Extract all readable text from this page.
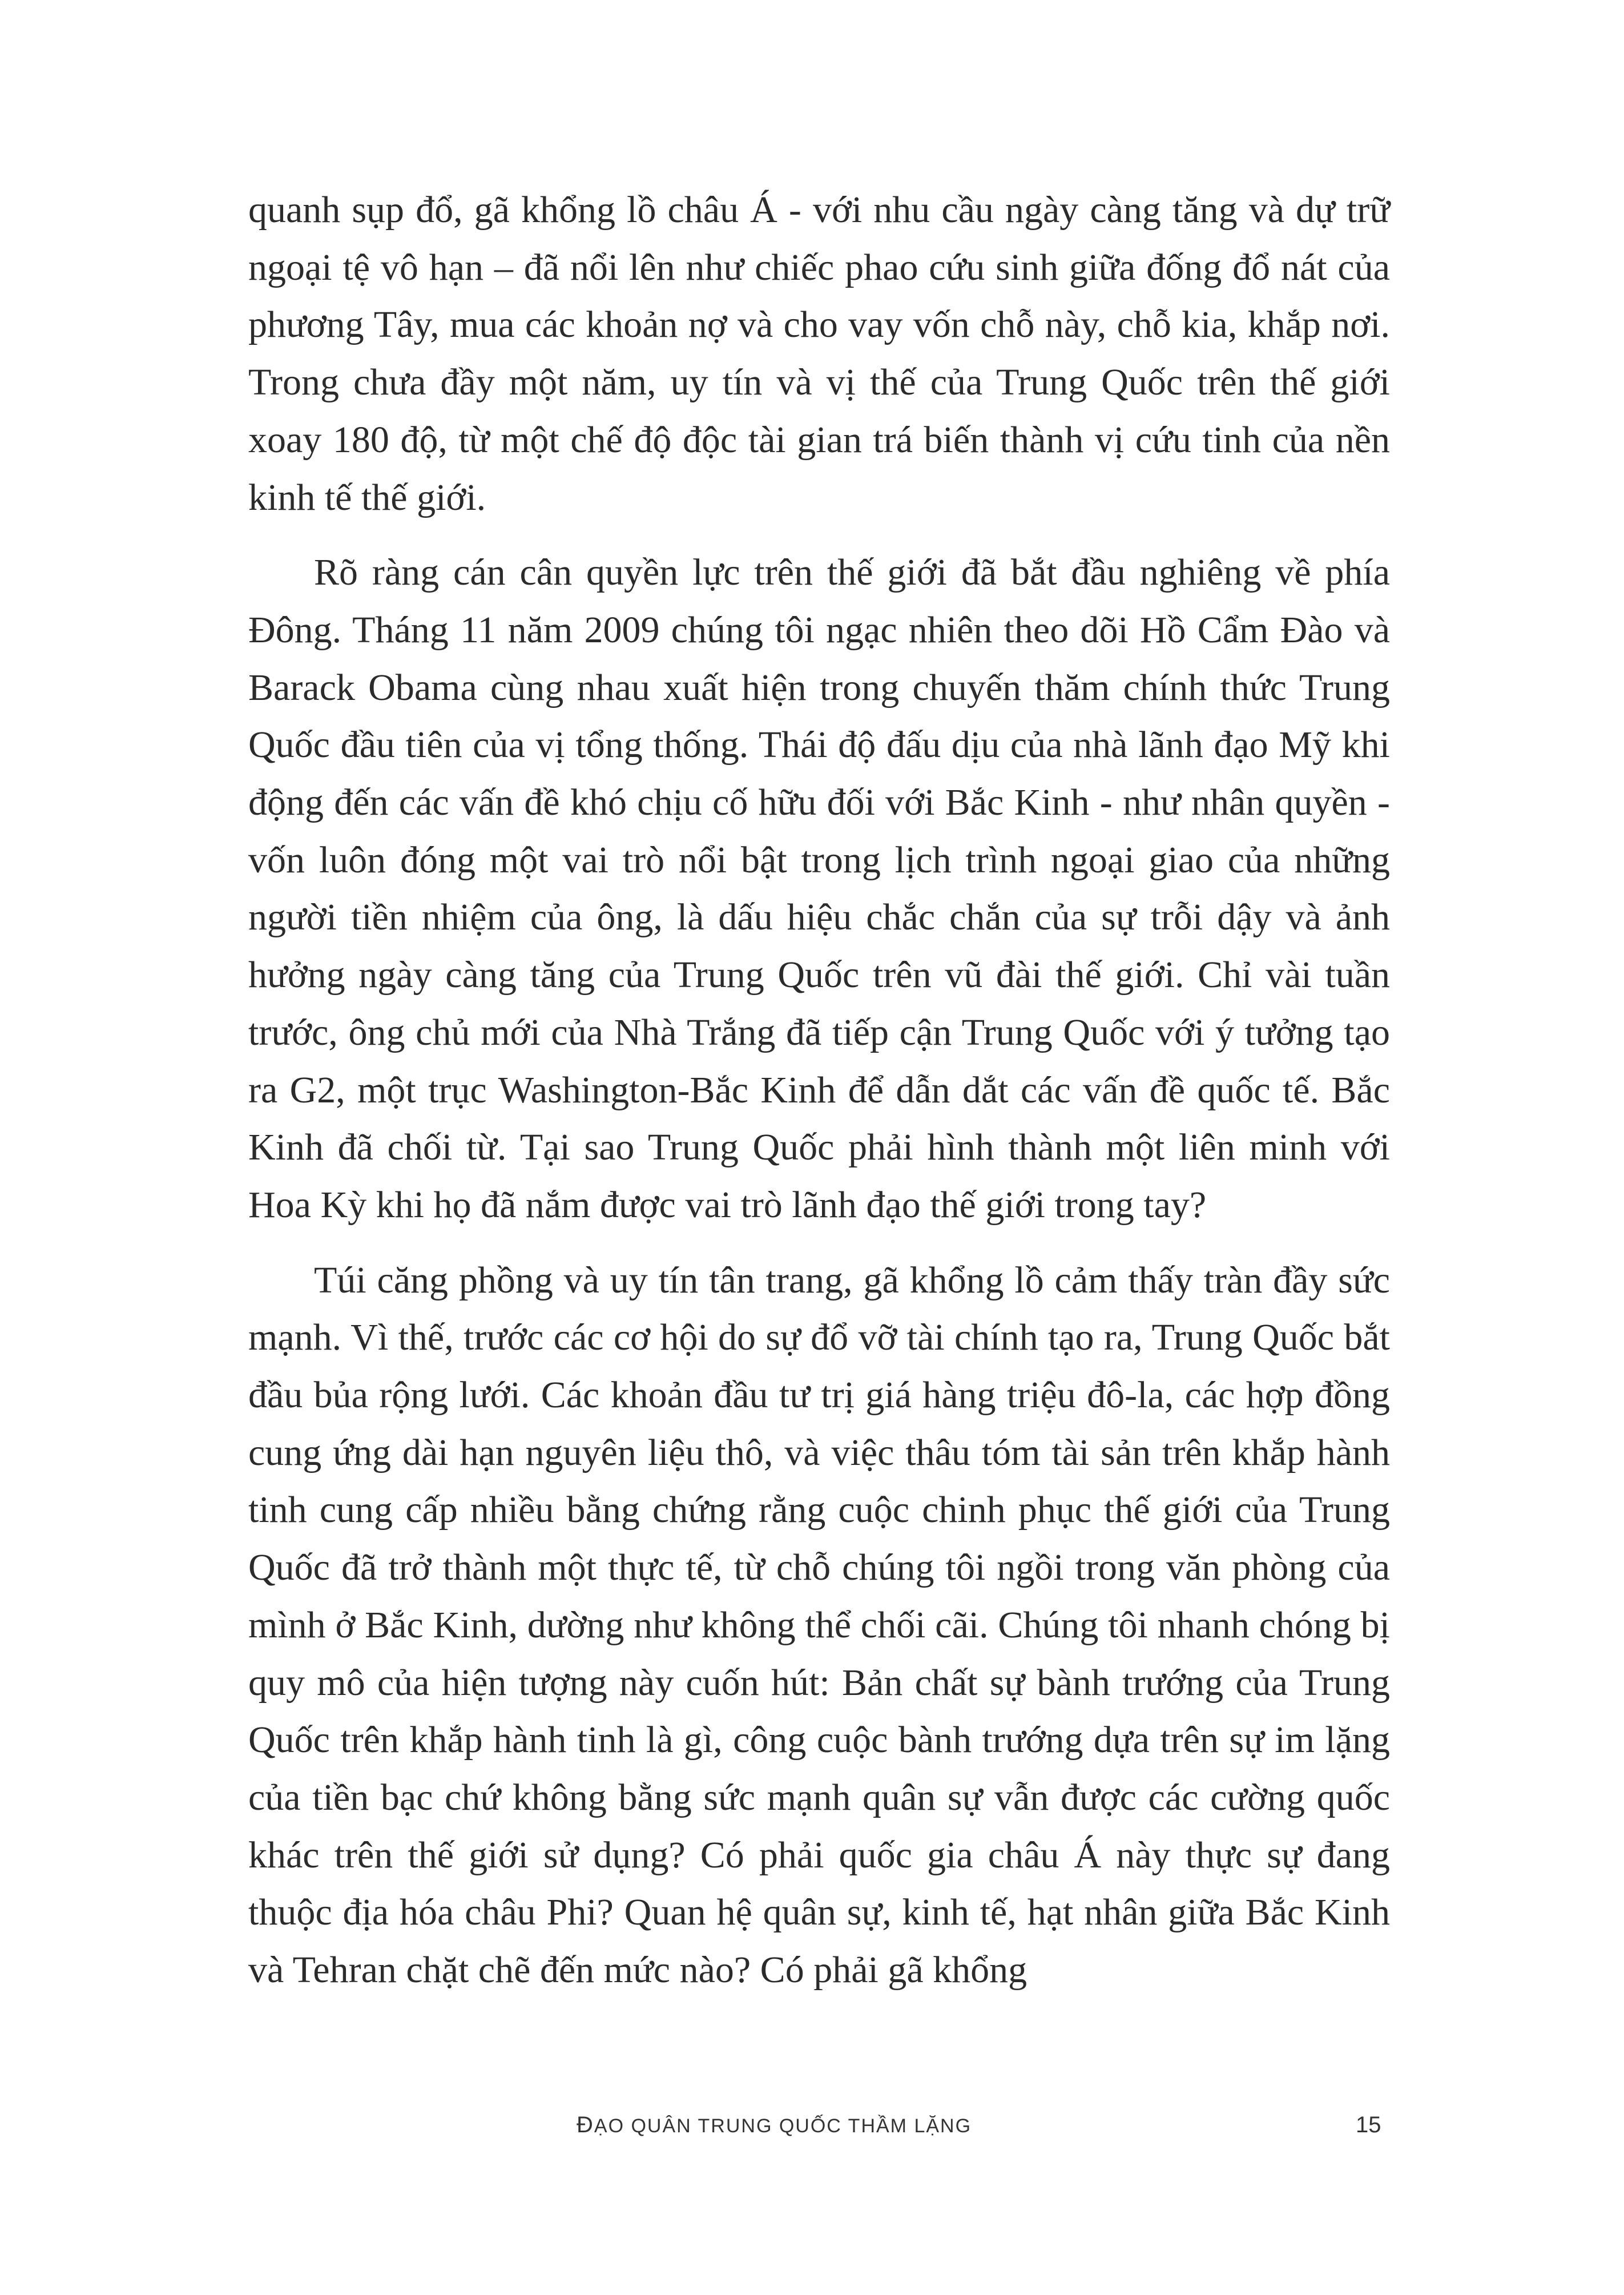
quanh sụp đổ, gã khổng lồ châu Á - với nhu cầu ngày càng tăng và dự trữ ngoại tệ vô hạn – đã nổi lên như chiếc phao cứu sinh giữa đống đổ nát của phương Tây, mua các khoản nợ và cho vay vốn chỗ này, chỗ kia, khắp nơi. Trong chưa đầy một năm, uy tín và vị thế của Trung Quốc trên thế giới xoay 180 độ, từ một chế độ độc tài gian trá biến thành vị cứu tinh của nền kinh tế thế giới.

Rõ ràng cán cân quyền lực trên thế giới đã bắt đầu nghiêng về phía Đông. Tháng 11 năm 2009 chúng tôi ngạc nhiên theo dõi Hồ Cẩm Đào và Barack Obama cùng nhau xuất hiện trong chuyến thăm chính thức Trung Quốc đầu tiên của vị tổng thống. Thái độ đấu dịu của nhà lãnh đạo Mỹ khi động đến các vấn đề khó chịu cố hữu đối với Bắc Kinh - như nhân quyền - vốn luôn đóng một vai trò nổi bật trong lịch trình ngoại giao của những người tiền nhiệm của ông, là dấu hiệu chắc chắn của sự trỗi dậy và ảnh hưởng ngày càng tăng của Trung Quốc trên vũ đài thế giới. Chỉ vài tuần trước, ông chủ mới của Nhà Trắng đã tiếp cận Trung Quốc với ý tưởng tạo ra G2, một trục Washington-Bắc Kinh để dẫn dắt các vấn đề quốc tế. Bắc Kinh đã chối từ. Tại sao Trung Quốc phải hình thành một liên minh với Hoa Kỳ khi họ đã nắm được vai trò lãnh đạo thế giới trong tay?

Túi căng phồng và uy tín tân trang, gã khổng lồ cảm thấy tràn đầy sức mạnh. Vì thế, trước các cơ hội do sự đổ vỡ tài chính tạo ra, Trung Quốc bắt đầu bủa rộng lưới. Các khoản đầu tư trị giá hàng triệu đô-la, các hợp đồng cung ứng dài hạn nguyên liệu thô, và việc thâu tóm tài sản trên khắp hành tinh cung cấp nhiều bằng chứng rằng cuộc chinh phục thế giới của Trung Quốc đã trở thành một thực tế, từ chỗ chúng tôi ngồi trong văn phòng của mình ở Bắc Kinh, dường như không thể chối cãi. Chúng tôi nhanh chóng bị quy mô của hiện tượng này cuốn hút: Bản chất sự bành trướng của Trung Quốc trên khắp hành tinh là gì, công cuộc bành trướng dựa trên sự im lặng của tiền bạc chứ không bằng sức mạnh quân sự vẫn được các cường quốc khác trên thế giới sử dụng? Có phải quốc gia châu Á này thực sự đang thuộc địa hóa châu Phi? Quan hệ quân sự, kinh tế, hạt nhân giữa Bắc Kinh và Tehran chặt chẽ đến mức nào? Có phải gã khổng

ĐẠO QUÂN TRUNG QUỐC THẦM LẶNG	15
